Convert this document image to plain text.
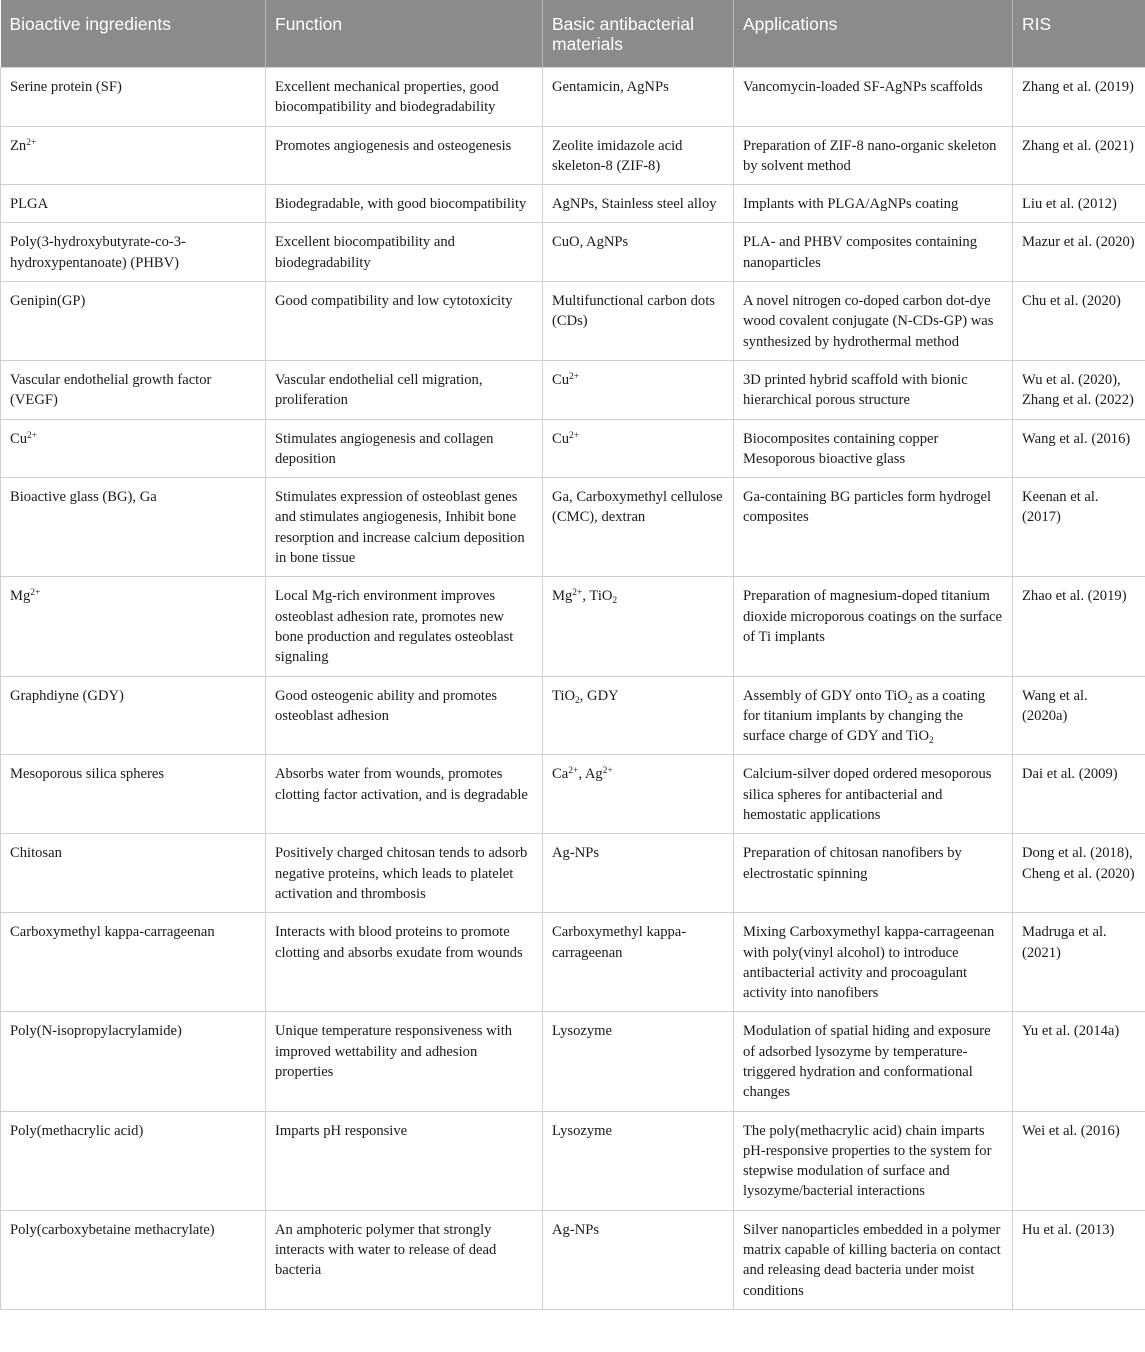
Bioactive ingredients	Function	Basic antibacterial materials	Applications	RIS
Serine protein (SF)	Excellent mechanical properties, good biocompatibility and biodegradability	Gentamicin, AgNPs	Vancomycin-loaded SF-AgNPs scaffolds	Zhang et al. (2019)
$Zn^{2+}$	Promotes angiogenesis and osteogenesis	Zeolite imidazole acid skeleton-8 (ZIF-8)	Preparation of ZIF-8 nano-organic skeleton by solvent method	Zhang et al. (2021)
PLGA	Biodegradable, with good biocompatibility	AgNPs, Stainless steel alloy	Implants with PLGA/AgNPs coating	Liu et al. (2012)
Poly(3-hydroxybutyrate-co-3-hydroxypentanoate) (PHBV)	Excellent biocompatibility and biodegradability	CuO, AgNPs	PLA- and PHBV composites containing nanoparticles	Mazur et al. (2020)
Genipin(GP)	Good compatibility and low cytotoxicity	Multifunctional carbon dots (CDs)	A novel nitrogen co-doped carbon dot-dye wood covalent conjugate (N-CDs-GP) was synthesized by hydrothermal method	Chu et al. (2020)
Vascular endothelial growth factor (VEGF)	Vascular endothelial cell migration, proliferation	$Cu^{2+}$	3D printed hybrid scaffold with bionic hierarchical porous structure	Wu et al. (2020), Zhang et al. (2022)
$Cu^{2+}$	Stimulates angiogenesis and collagen deposition	$Cu^{2+}$	Biocomposites containing copper Mesoporous bioactive glass	Wang et al. (2016)
Bioactive glass (BG), Ga	Stimulates expression of osteoblast genes and stimulates angiogenesis, Inhibit bone resorption and increase calcium deposition in bone tissue	Ga, Carboxymethyl cellulose (CMC), dextran	Ga-containing BG particles form hydrogel composites	Keenan et al. (2017)
$Mg^{2+}$	Local Mg-rich environment improves osteoblast adhesion rate, promotes new bone production and regulates osteoblast signaling	$Mg^{2+}$, TiO$_2$	Preparation of magnesium-doped titanium dioxide microporous coatings on the surface of Ti implants	Zhao et al. (2019)
Graphdiyne (GDY)	Good osteogenic ability and promotes osteoblast adhesion	TiO$_2$, GDY	Assembly of GDY onto TiO$_2$ as a coating for titanium implants by changing the surface charge of GDY and TiO$_2$	Wang et al. (2020a)
Mesoporous silica spheres	Absorbs water from wounds, promotes clotting factor activation, and is degradable	$Ca^{2+}$, $Ag^{2+}$	Calcium-silver doped ordered mesoporous silica spheres for antibacterial and hemostatic applications	Dai et al. (2009)
Chitosan	Positively charged chitosan tends to adsorb negative proteins, which leads to platelet activation and thrombosis	Ag-NPs	Preparation of chitosan nanofibers by electrostatic spinning	Dong et al. (2018), Cheng et al. (2020)
Carboxymethyl kappa-carrageenan	Interacts with blood proteins to promote clotting and absorbs exudate from wounds	Carboxymethyl kappa-carrageenan	Mixing Carboxymethyl kappa-carrageenan with poly(vinyl alcohol) to introduce antibacterial activity and procoagulant activity into nanofibers	Madruga et al. (2021)
Poly(N-isopropylacrylamide)	Unique temperature responsiveness with improved wettability and adhesion properties	Lysozyme	Modulation of spatial hiding and exposure of adsorbed lysozyme by temperature-triggered hydration and conformational changes	Yu et al. (2014a)
Poly(methacrylic acid)	Imparts pH responsive	Lysozyme	The poly(methacrylic acid) chain imparts pH-responsive properties to the system for stepwise modulation of surface and lysozyme/bacterial interactions	Wei et al. (2016)
Poly(carboxybetaine methacrylate)	An amphoteric polymer that strongly interacts with water to release of dead bacteria	Ag-NPs	Silver nanoparticles embedded in a polymer matrix capable of killing bacteria on contact and releasing dead bacteria under moist conditions	Hu et al. (2013)
